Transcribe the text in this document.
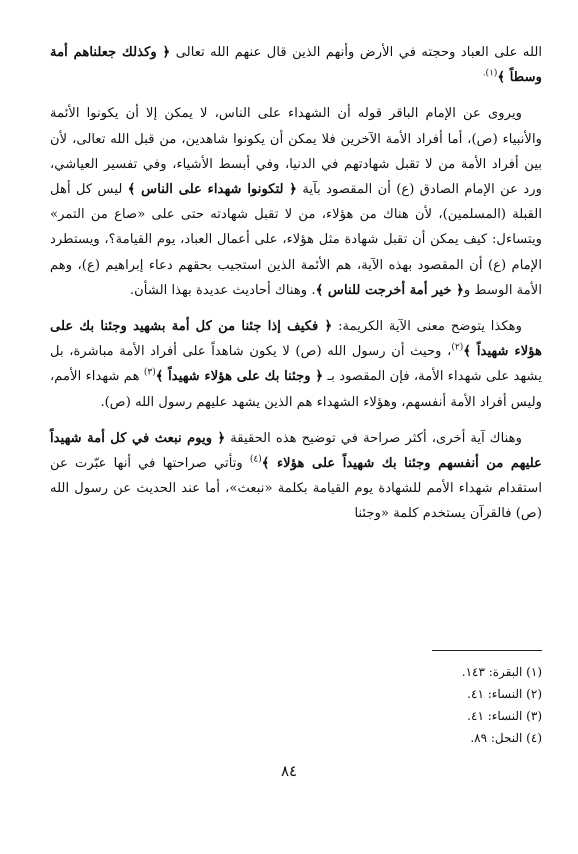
الله على العباد وحجته في الأرض وأنهم الذين قال عنهم الله تعالى ﴿ وكذلك جعلناهم أمة وسطاً ﴾$^{(١).}$

ويروى عن الإمام الباقر قوله أن الشهداء على الناس، لا يمكن إلا أن يكونوا الأئمة والأنبياء (ص)، أما أفراد الأمة الآخرين فلا يمكن أن يكونوا شاهدين، من قبل الله تعالى، لأن بين أفراد الأمة من لا تقبل شهادتهم في الدنيا، وفي أبسط الأشياء، وفي تفسير العياشي، ورد عن الإمام الصادق (ع) أن المقصود بآية ﴿ لتكونوا شهداء على الناس ﴾ ليس كل أهل القبلة (المسلمين)، لأن هناك من هؤلاء، من لا تقبل شهادته حتى على «صاع من التمر» ويتساءل: كيف يمكن أن تقبل شهادة مثل هؤلاء، على أعمال العباد، يوم القيامة؟، ويستطرد الإمام (ع) أن المقصود بهذه الآية، هم الأئمة الذين استجيب بحقهم دعاء إبراهيم (ع)، وهم الأمة الوسط و﴿ خير أمة أخرجت للناس ﴾. وهناك أحاديث عديدة بهذا الشأن.

وهكذا يتوضح معنى الآية الكريمة: ﴿ فكيف إذا جئنا من كل أمة بشهيد وجئنا بك على هؤلاء شهيداً ﴾$^{(٢)}$، وحيث أن رسول الله (ص) لا يكون شاهداً على أفراد الأمة مباشرة، بل يشهد على شهداء الأمة، فإن المقصود بـ ﴿ وجئنا بك على هؤلاء شهيداً ﴾$^{(٣)}$ هم شهداء الأمم، وليس أفراد الأمة أنفسهم، وهؤلاء الشهداء هم الذين يشهد عليهم رسول الله (ص).

وهناك آية أخرى، أكثر صراحة في توضيح هذه الحقيقة ﴿ ويوم نبعث في كل أمة شهيداً عليهم من أنفسهم وجئنا بك شهيداً على هؤلاء ﴾$^{(٤)}$ وتأتي صراحتها في أنها عبّرت عن استقدام شهداء الأمم للشهادة يوم القيامة بكلمة «نبعث»، أما عند الحديث عن رسول الله (ص) فالقرآن يستخدم كلمة «وجئنا

(١) البقرة: ١٤٣.

(٢) النساء: ٤١.

(٣) النساء: ٤١.

(٤) النحل: ٨٩.

٨٤
